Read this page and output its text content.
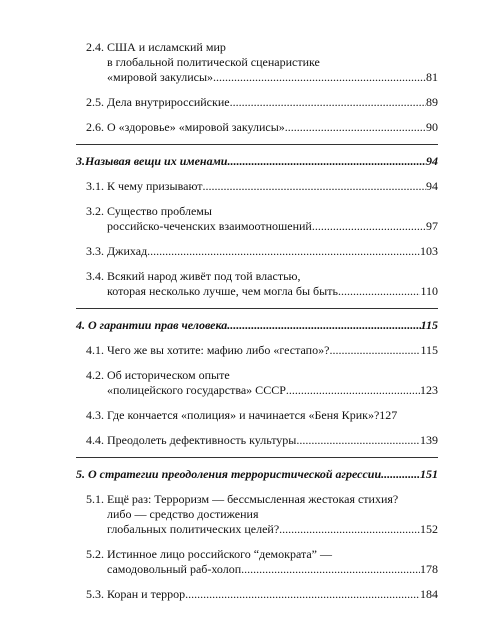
2.4. США и исламский мир
в глобальной политической сценаристике
«мировой закулисы» .....	81
2.5. Дела внутрироссийские .....	89
2.6. О «здоровье» «мировой закулисы» .....	90
3.Называя вещи их именами .....	94
3.1. К чему призывают .....	94
3.2. Существо проблемы
российско-чеченских взаимоотношений .....	97
3.3. Джихад .....	103
3.4. Всякий народ живёт под той властью,
которая несколько лучше, чем могла бы быть .....	110
4. О гарантии прав человека .....	115
4.1. Чего же вы хотите: мафию либо «гестапо»? .....	115
4.2. Об историческом опыте
«полицейского государства» СССР .....	123
4.3. Где кончается «полиция» и начинается «Беня Крик»? 127
4.4. Преодолеть дефективность культуры .....	139
5. О стратегии преодоления террористической агрессии .....	151
5.1. Ещё раз: Терроризм — бессмысленная жестокая стихия?
либо — средство достижения
глобальных политических целей? .....	152
5.2. Истинное лицо российского “демократа” —
самодовольный раб-холоп .....	178
5.3. Коран и террор .....	184
